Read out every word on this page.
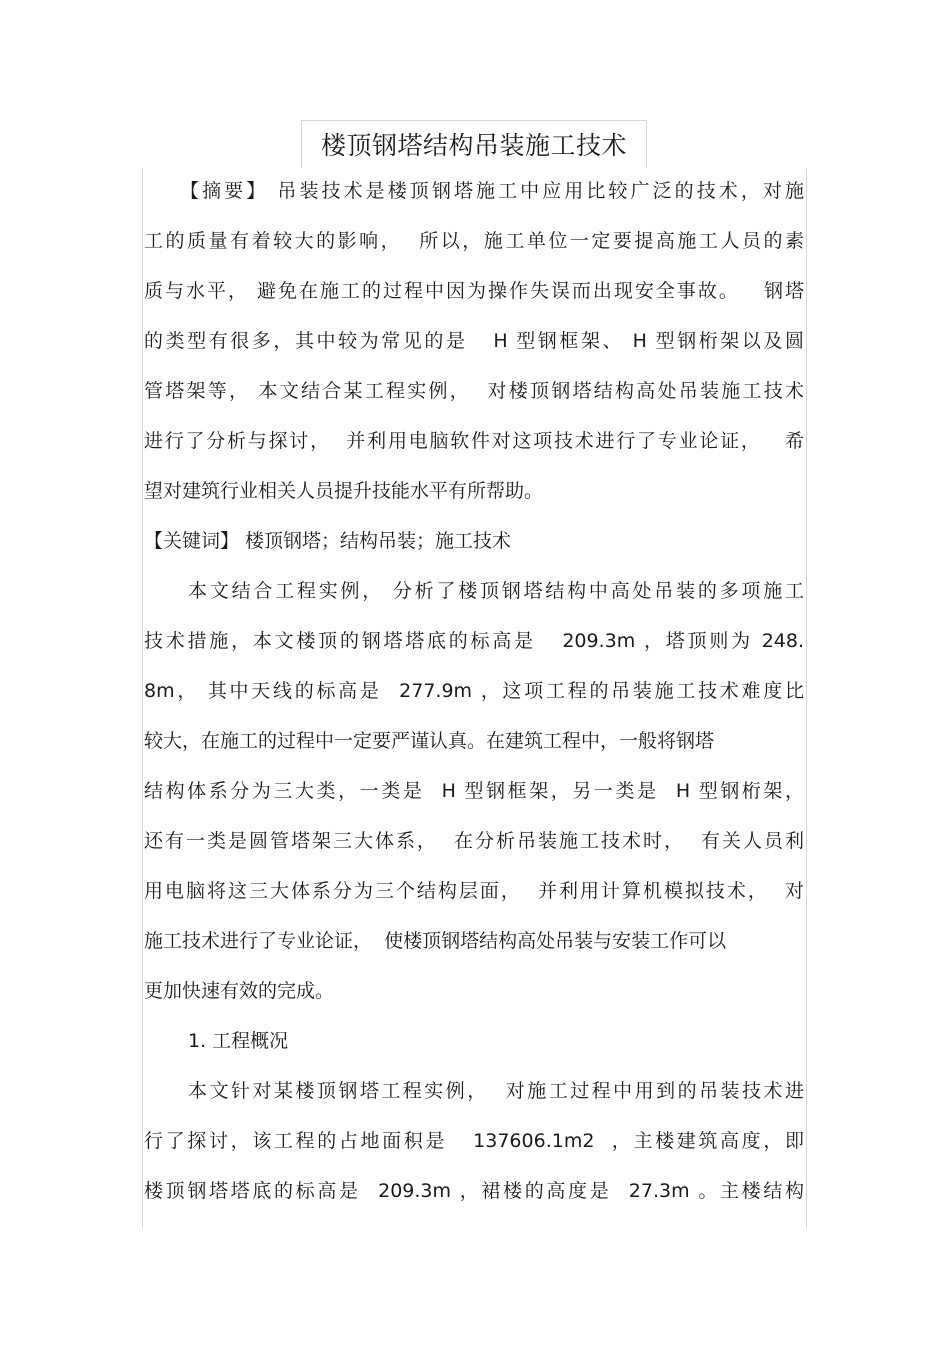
楼顶钢塔结构吊装施工技术
【摘要】 吊装技术是楼顶钢塔施工中应用比较广泛的技术，对施
工的质量有着较大的影响，  所以，施工单位一定要提高施工人员的素
质与水平， 避免在施工的过程中因为操作失误而出现安全事故。   钢塔
的类型有很多，其中较为常见的是   H 型钢框架、 H 型钢桁架以及圆
管塔架等， 本文结合某工程实例，  对楼顶钢塔结构高处吊装施工技术
进行了分析与探讨，  并利用电脑软件对这项技术进行了专业论证，   希
望对建筑行业相关人员提升技能水平有所帮助。
【关键词】 楼顶钢塔；结构吊装；施工技术
本文结合工程实例， 分析了楼顶钢塔结构中高处吊装的多项施工
技术措施，本文楼顶的钢塔塔底的标高是   209.3m ，塔顶则为 248.
8m， 其中天线的标高是  277.9m ，这项工程的吊装施工技术难度比
较大，在施工的过程中一定要严谨认真。在建筑工程中，一般将钢塔
结构体系分为三大类，一类是  H 型钢框架，另一类是  H 型钢桁架，
还有一类是圆管塔架三大体系，  在分析吊装施工技术时，  有关人员利
用电脑将这三大体系分为三个结构层面，  并利用计算机模拟技术，  对
施工技术进行了专业论证，  使楼顶钢塔结构高处吊装与安装工作可以
更加快速有效的完成。
1. 工程概况
本文针对某楼顶钢塔工程实例，  对施工过程中用到的吊装技术进
行了探讨，该工程的占地面积是   137606.1m2  ，主楼建筑高度，即
楼顶钢塔塔底的标高是  209.3m ，裙楼的高度是  27.3m 。主楼结构
